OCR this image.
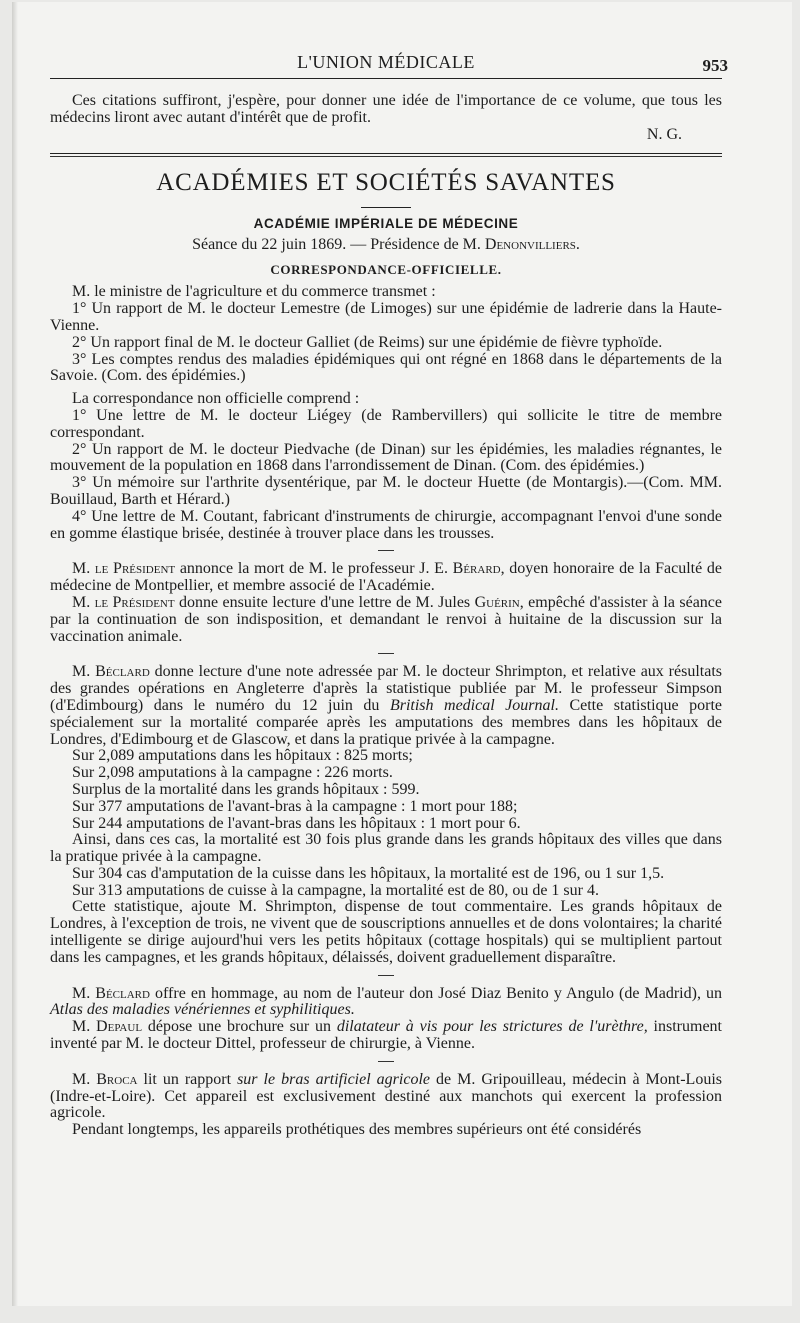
L'UNION MÉDICALE	953

Ces citations suffiront, j'espère, pour donner une idée de l'importance de ce volume, que tous les médecins liront avec autant d'intérêt que de profit.

N. G.
ACADÉMIES ET SOCIÉTÉS SAVANTES
ACADÉMIE IMPÉRIALE DE MÉDECINE
Séance du 22 juin 1869. — Présidence de M. Denonvilliers.
CORRESPONDANCE-OFFICIELLE.

M. le ministre de l'agriculture et du commerce transmet :

1° Un rapport de M. le docteur Lemestre (de Limoges) sur une épidémie de ladrerie dans la Haute-Vienne.

2° Un rapport final de M. le docteur Galliet (de Reims) sur une épidémie de fièvre typhoïde.

3° Les comptes rendus des maladies épidémiques qui ont régné en 1868 dans le départements de la Savoie. (Com. des épidémies.)

La correspondance non officielle comprend :

1° Une lettre de M. le docteur Liégey (de Rambervillers) qui sollicite le titre de membre correspondant.

2° Un rapport de M. le docteur Piedvache (de Dinan) sur les épidémies, les maladies régnantes, le mouvement de la population en 1868 dans l'arrondissement de Dinan. (Com. des épidémies.)

3° Un mémoire sur l'arthrite dysentérique, par M. le docteur Huette (de Montargis).—(Com. MM. Bouillaud, Barth et Hérard.)

4° Une lettre de M. Coutant, fabricant d'instruments de chirurgie, accompagnant l'envoi d'une sonde en gomme élastique brisée, destinée à trouver place dans les trousses.

M. le Président annonce la mort de M. le professeur J. E. Bérard, doyen honoraire de la Faculté de médecine de Montpellier, et membre associé de l'Académie.

M. le Président donne ensuite lecture d'une lettre de M. Jules Guérin, empêché d'assister à la séance par la continuation de son indisposition, et demandant le renvoi à huitaine de la discussion sur la vaccination animale.

M. Béclard donne lecture d'une note adressée par M. le docteur Shrimpton, et relative aux résultats des grandes opérations en Angleterre d'après la statistique publiée par M. le professeur Simpson (d'Edimbourg) dans le numéro du 12 juin du British medical Journal. Cette statistique porte spécialement sur la mortalité comparée après les amputations des membres dans les hôpitaux de Londres, d'Edimbourg et de Glascow, et dans la pratique privée à la campagne.

Sur 2,089 amputations dans les hôpitaux : 825 morts;

Sur 2,098 amputations à la campagne : 226 morts.

Surplus de la mortalité dans les grands hôpitaux : 599.

Sur 377 amputations de l'avant-bras à la campagne : 1 mort pour 188;

Sur 244 amputations de l'avant-bras dans les hôpitaux : 1 mort pour 6.

Ainsi, dans ces cas, la mortalité est 30 fois plus grande dans les grands hôpitaux des villes que dans la pratique privée à la campagne.

Sur 304 cas d'amputation de la cuisse dans les hôpitaux, la mortalité est de 196, ou 1 sur 1,5.

Sur 313 amputations de cuisse à la campagne, la mortalité est de 80, ou de 1 sur 4.

Cette statistique, ajoute M. Shrimpton, dispense de tout commentaire. Les grands hôpitaux de Londres, à l'exception de trois, ne vivent que de souscriptions annuelles et de dons volontaires; la charité intelligente se dirige aujourd'hui vers les petits hôpitaux (cottage hospitals) qui se multiplient partout dans les campagnes, et les grands hôpitaux, délaissés, doivent graduellement disparaître.

M. Béclard offre en hommage, au nom de l'auteur don José Diaz Benito y Angulo (de Madrid), un Atlas des maladies vénériennes et syphilitiques.

M. Depaul dépose une brochure sur un dilatateur à vis pour les strictures de l'urèthre, instrument inventé par M. le docteur Dittel, professeur de chirurgie, à Vienne.

M. Broca lit un rapport sur le bras artificiel agricole de M. Gripouilleau, médecin à Mont-Louis (Indre-et-Loire). Cet appareil est exclusivement destiné aux manchots qui exercent la profession agricole.

Pendant longtemps, les appareils prothétiques des membres supérieurs ont été considérés
